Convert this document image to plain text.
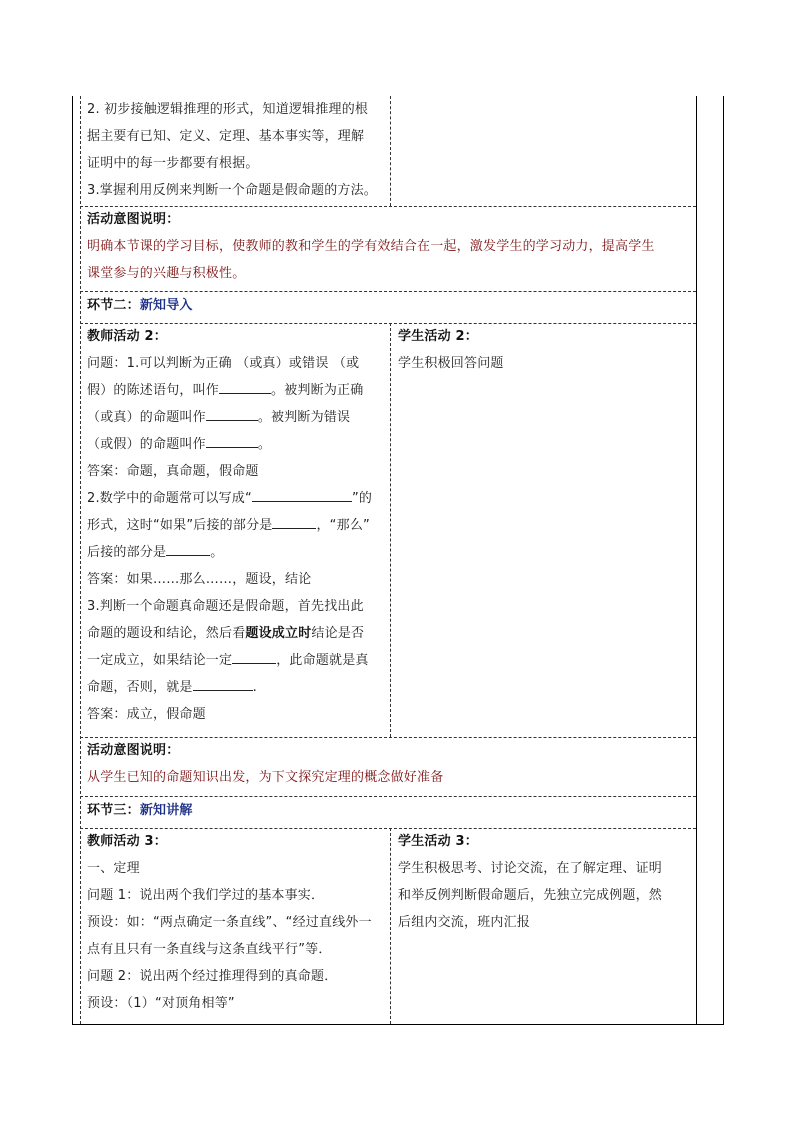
2. 初步接触逻辑推理的形式，知道逻辑推理的根
据主要有已知、定义、定理、基本事实等，理解
证明中的每一步都要有根据。
3.掌握利用反例来判断一个命题是假命题的方法。
活动意图说明：
明确本节课的学习目标，使教师的教和学生的学有效结合在一起，激发学生的学习动力，提高学生
课堂参与的兴趣与积极性。
环节二：新知导入
教师活动 2：
问题：1.可以判断为正确 （或真）或错误 （或
假）的陈述语句，叫作	。被判断为正确
（或真）的命题叫作	。被判断为错误
（或假）的命题叫作	。
答案：命题，真命题，假命题
2.数学中的命题常可以写成“	”的
形式，这时“如果”后接的部分是	，“那么”
后接的部分是	。
答案：如果……那么……，题设，结论
3.判断一个命题真命题还是假命题，首先找出此
命题的题设和结论，然后看题设成立时结论是否
一定成立，如果结论一定	，此命题就是真
命题，否则，就是	.
答案：成立，假命题
学生活动 2：
学生积极回答问题
活动意图说明：
从学生已知的命题知识出发，为下文探究定理的概念做好准备
环节三：新知讲解
教师活动 3：
一、定理
问题 1：说出两个我们学过的基本事实．
预设：如：“两点确定一条直线”、“经过直线外一
点有且只有一条直线与这条直线平行”等．
问题 2：说出两个经过推理得到的真命题．
预设：（1）“对顶角相等”
学生活动 3：
学生积极思考、讨论交流，在了解定理、证明
和举反例判断假命题后，先独立完成例题，然
后组内交流，班内汇报
